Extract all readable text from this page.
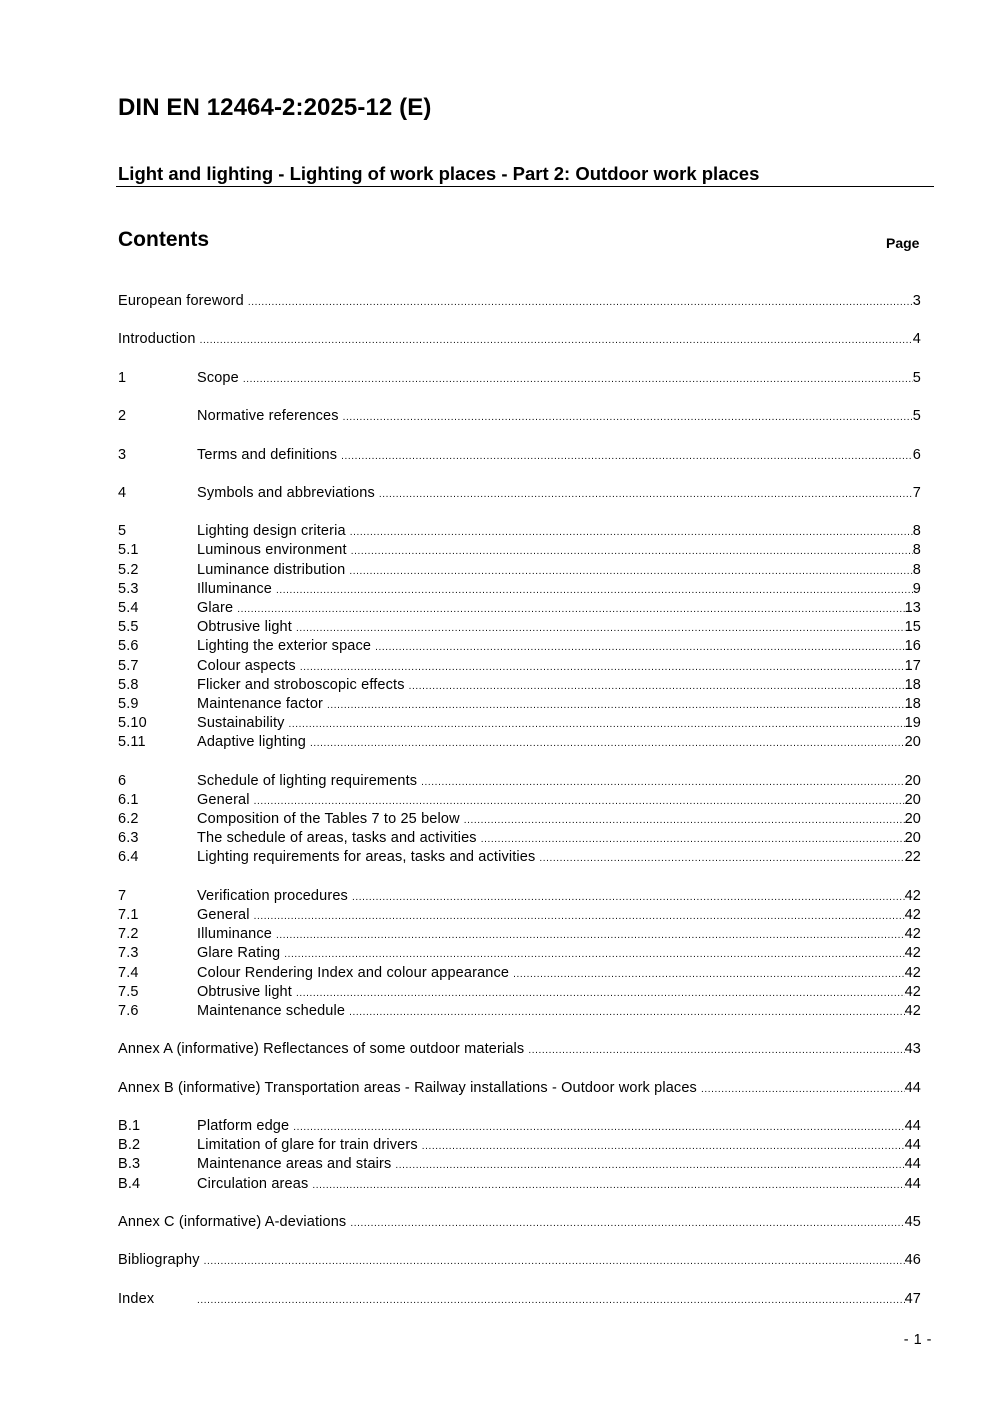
DIN EN 12464-2:2025-12 (E)
Light and lighting - Lighting of work places - Part 2: Outdoor work places
Contents	Page
European foreword .....	3
Introduction .....	4
1	Scope .....	5
2	Normative references .....	5
3	Terms and definitions .....	6
4	Symbols and abbreviations .....	7
5	Lighting design criteria .....	8
5.1	Luminous environment .....	8
5.2	Luminance distribution .....	8
5.3	Illuminance .....	9
5.4	Glare .....	13
5.5	Obtrusive light .....	15
5.6	Lighting the exterior space .....	16
5.7	Colour aspects .....	17
5.8	Flicker and stroboscopic effects .....	18
5.9	Maintenance factor .....	18
5.10	Sustainability .....	19
5.11	Adaptive lighting .....	20
6	Schedule of lighting requirements .....	20
6.1	General .....	20
6.2	Composition of the Tables 7 to 25 below .....	20
6.3	The schedule of areas, tasks and activities .....	20
6.4	Lighting requirements for areas, tasks and activities .....	22
7	Verification procedures .....	42
7.1	General .....	42
7.2	Illuminance .....	42
7.3	Glare Rating .....	42
7.4	Colour Rendering Index and colour appearance .....	42
7.5	Obtrusive light .....	42
7.6	Maintenance schedule .....	42
Annex A (informative) Reflectances of some outdoor materials .....	43
Annex B (informative) Transportation areas - Railway installations - Outdoor work places .....	44
B.1	Platform edge .....	44
B.2	Limitation of glare for train drivers .....	44
B.3	Maintenance areas and stairs .....	44
B.4	Circulation areas .....	44
Annex C (informative) A-deviations .....	45
Bibliography .....	46
Index .....	47
- 1 -
